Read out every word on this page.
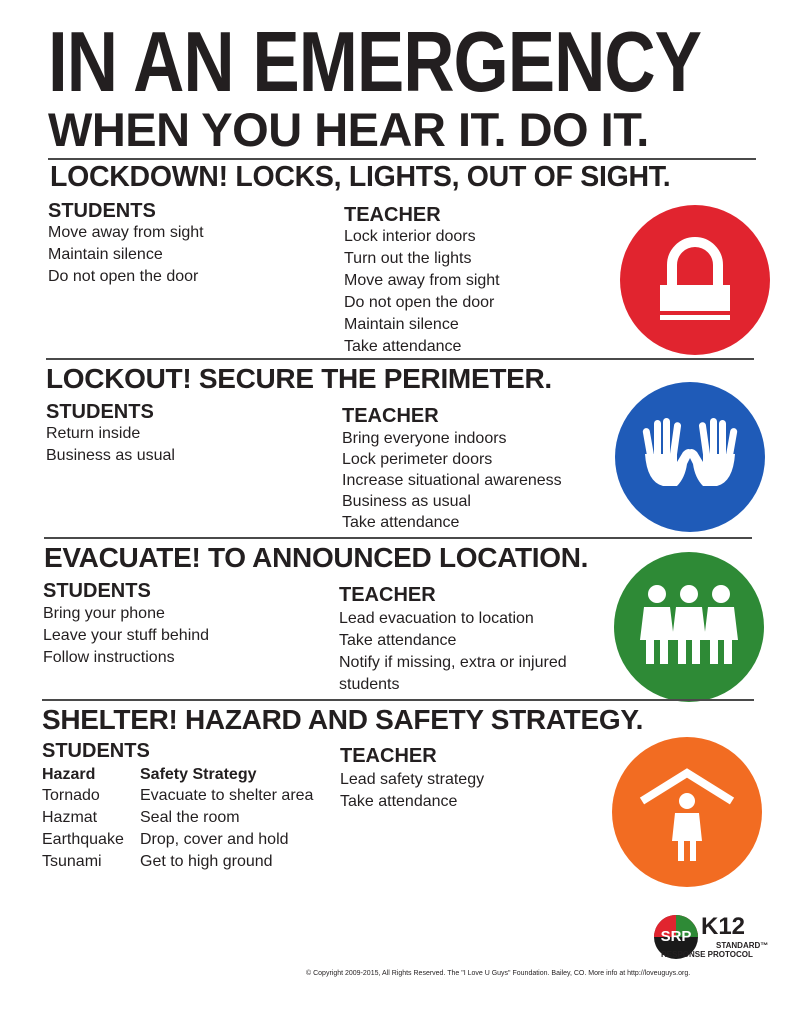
IN AN EMERGENCY
WHEN YOU HEAR IT. DO IT.
LOCKDOWN! LOCKS, LIGHTS, OUT OF SIGHT.
STUDENTS
Move away from sight
Maintain silence
Do not open the door
TEACHER
Lock interior doors
Turn out the lights
Move away from sight
Do not open the door
Maintain silence
Take attendance
LOCKOUT! SECURE THE PERIMETER.
STUDENTS
Return inside
Business as usual
TEACHER
Bring everyone indoors
Lock perimeter doors
Increase situational awareness
Business as usual
Take attendance
EVACUATE! TO ANNOUNCED LOCATION.
STUDENTS
Bring your phone
Leave your stuff behind
Follow instructions
TEACHER
Lead evacuation to location
Take attendance
Notify if missing, extra or injured
students
SHELTER! HAZARD AND SAFETY STRATEGY.
STUDENTS
Hazard	Safety Strategy
Tornado
Hazmat
Earthquake
Tsunami
Evacuate to shelter area
Seal the room
Drop, cover and hold
Get to high ground
TEACHER
Lead safety strategy
Take attendance
SRP K12
STANDARD™
RESPONSE PROTOCOL
© Copyright 2009-2015, All Rights Reserved. The "I Love U Guys" Foundation. Bailey, CO. More info at http://loveuguys.org.
